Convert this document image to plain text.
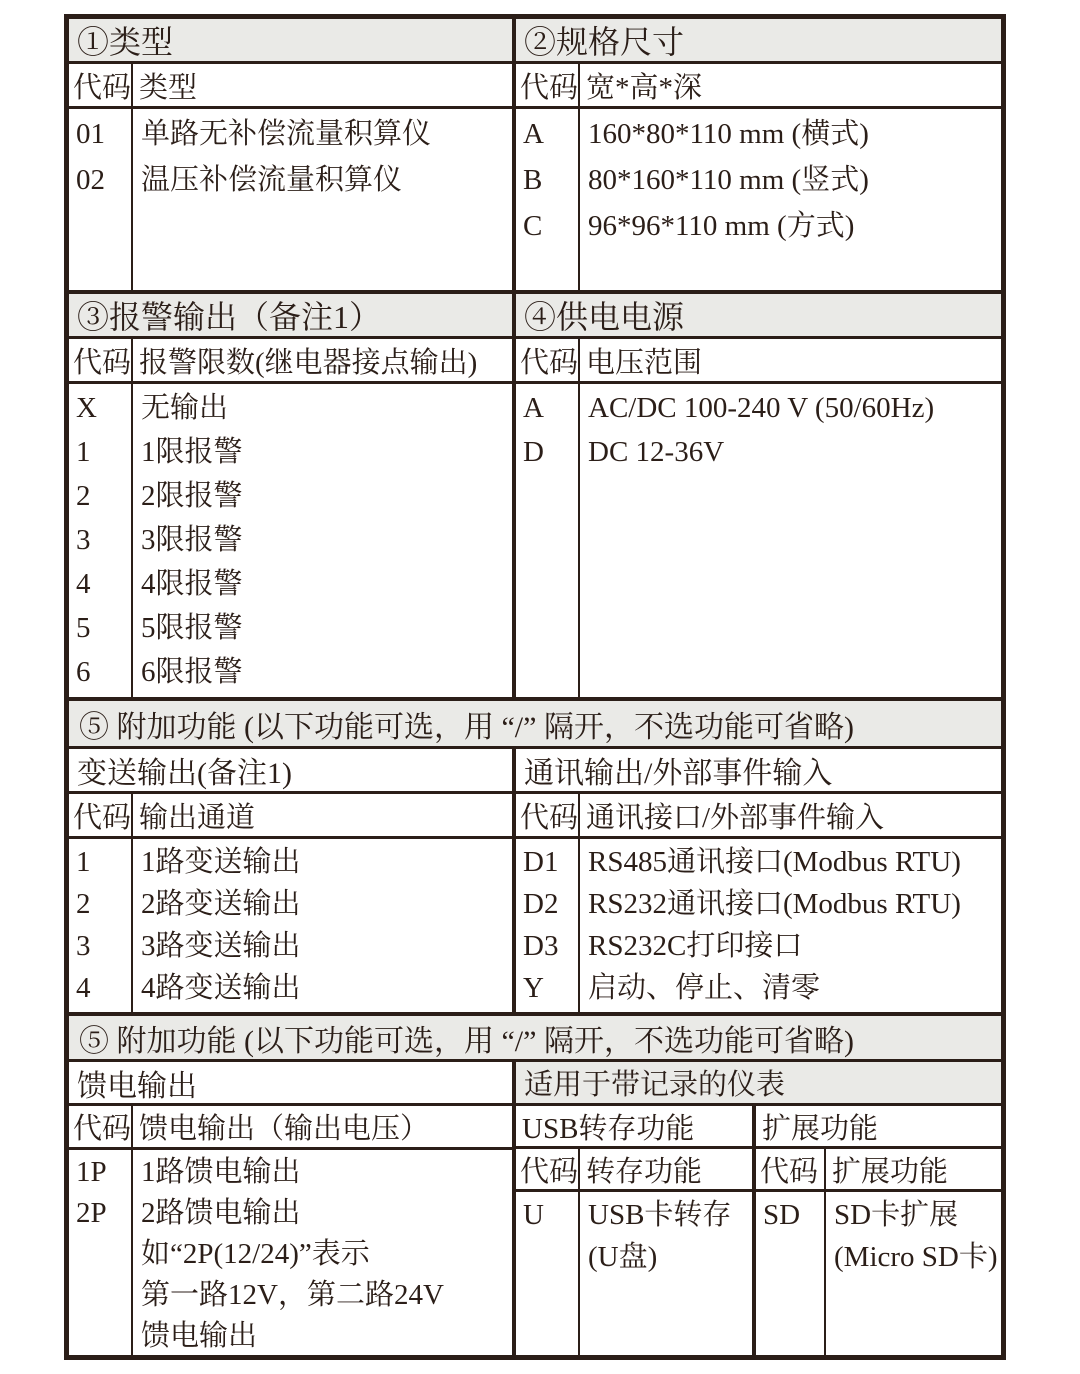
①类型
代码 类型
01
02
单路无补偿流量积算仪
温压补偿流量积算仪
②规格尺寸
代码 宽*高*深
A
B
C
160*80*110 mm (横式)
80*160*110 mm (竖式)
96*96*110 mm (方式)
③报警输出（备注1）
代码 报警限数(继电器接点输出)
X
1
2
3
4
5
6
无输出
1限报警
2限报警
3限报警
4限报警
5限报警
6限报警
④供电电源
代码 电压范围
A
D
AC/DC 100-240 V (50/60Hz)
DC 12-36V
⑤ 附加功能 (以下功能可选，用 “/” 隔开，不选功能可省略)
变送输出(备注1)
代码 输出通道
1
2
3
4
1路变送输出
2路变送输出
3路变送输出
4路变送输出
通讯输出/外部事件输入
代码 通讯接口/外部事件输入
D1
D2
D3
Y
RS485通讯接口(Modbus RTU)
RS232通讯接口(Modbus RTU)
RS232C打印接口
启动、停止、清零
⑤ 附加功能 (以下功能可选，用 “/” 隔开，不选功能可省略)
馈电输出
代码 馈电输出（输出电压）
1P
2P
1路馈电输出
2路馈电输出
如“2P(12/24)”表示
第一路12V，第二路24V
馈电输出
适用于带记录的仪表
USB转存功能
代码 转存功能
U	USB卡转存
(U盘)
扩展功能
代码 扩展功能
SD	SD卡扩展
(Micro SD卡)
